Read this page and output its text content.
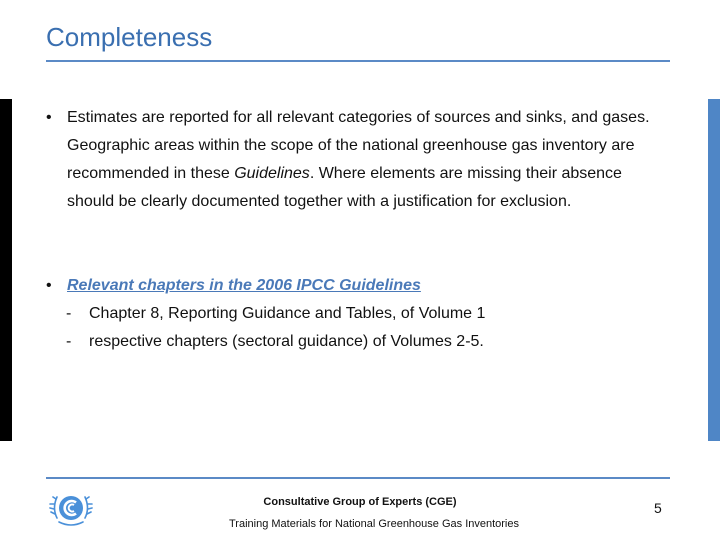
Completeness
• Estimates are reported for all relevant categories of sources and sinks, and gases. Geographic areas within the scope of the national greenhouse gas inventory are recommended in these Guidelines. Where elements are missing their absence should be clearly documented together with a justification for exclusion.
• Relevant chapters in the 2006 IPCC Guidelines
- Chapter 8, Reporting Guidance and Tables, of Volume 1
- respective chapters (sectoral guidance) of Volumes 2-5.
Consultative Group of Experts (CGE)
Training Materials for National Greenhouse Gas Inventories
5
